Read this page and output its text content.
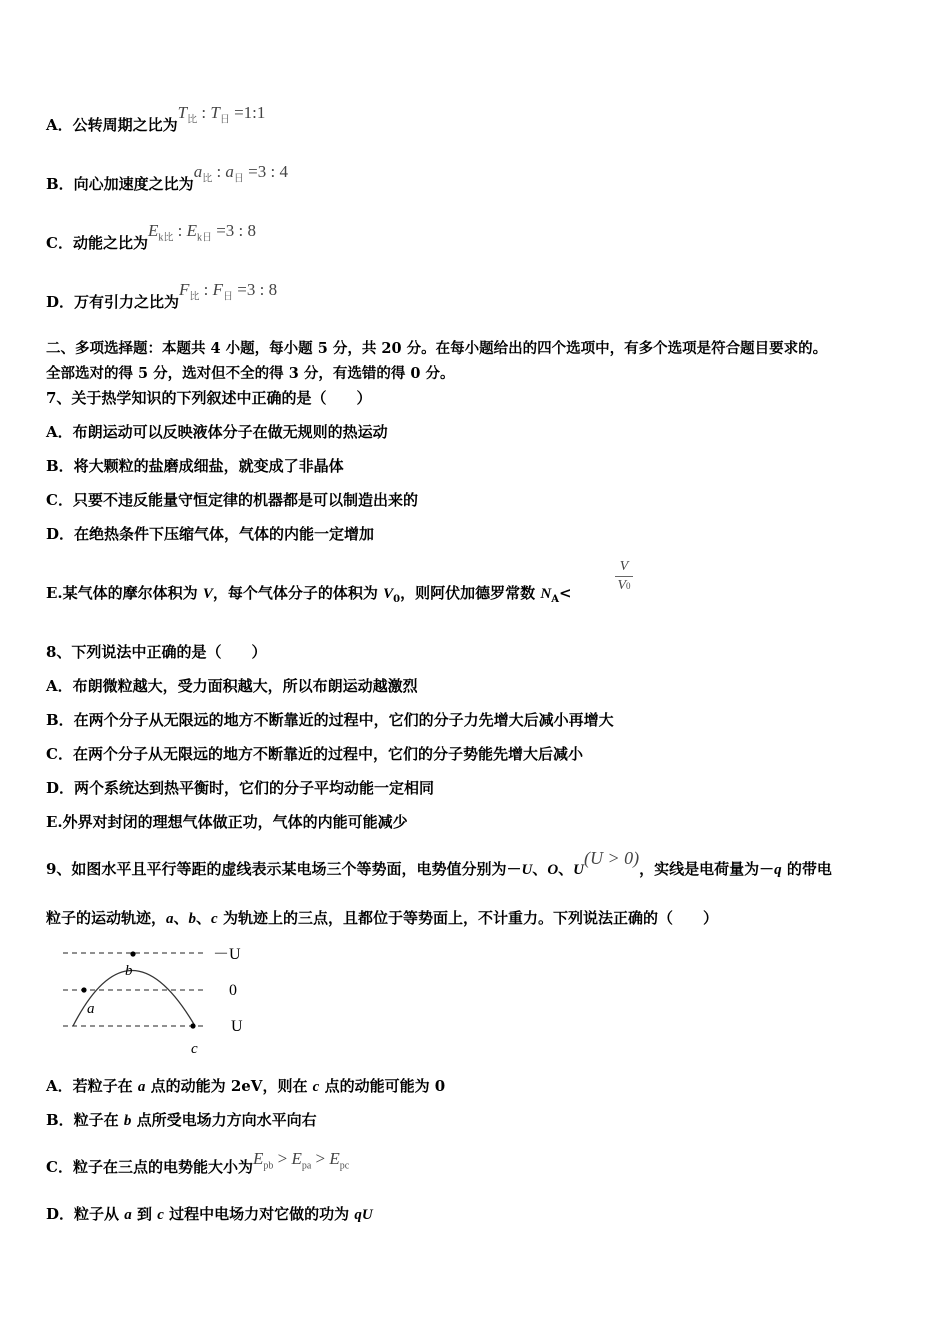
A．公转周期之比为$T_比$ : $T_日$ =1:1
B．向心加速度之比为$a_比$ : $a_日 =3$ : 4
C．动能之比为$E_{k比}$ : $E_{k日} =3$ : 8
D．万有引力之比为$F_比$ : $F_日 =3$ : 8
二、多项选择题：本题共 4 小题，每小题 5 分，共 20 分。在每小题给出的四个选项中，有多个选项是符合题目要求的。
全部选对的得 5 分，选对但不全的得 3 分，有选错的得 0 分。
7、关于热学知识的下列叙述中正确的是（　　）
A．布朗运动可以反映液体分子在做无规则的热运动
B．将大颗粒的盐磨成细盐，就变成了非晶体
C．只要不违反能量守恒定律的机器都是可以制造出来的
D．在绝热条件下压缩气体，气体的内能一定增加
E.某气体的摩尔体积为 V，每个气体分子的体积为 $V_0$，则阿伏加德罗常数 $N_A<$
V
V0
8、下列说法中正确的是（　　）
A．布朗微粒越大，受力面积越大，所以布朗运动越激烈
B．在两个分子从无限远的地方不断靠近的过程中，它们的分子力先增大后减小再增大
C．在两个分子从无限远的地方不断靠近的过程中，它们的分子势能先增大后减小
D．两个系统达到热平衡时，它们的分子平均动能一定相同
E.外界对封闭的理想气体做正功，气体的内能可能减少
9、如图水平且平行等距的虚线表示某电场三个等势面，电势值分别为－U、O、U(U > 0)，实线是电荷量为－q 的带电
粒子的运动轨迹，a、b、c 为轨迹上的三点，且都位于等势面上，不计重力。下列说法正确的（　　）
b
a
c
－U
0
U
A．若粒子在 a 点的动能为 2eV，则在 c 点的动能可能为 0
B．粒子在 b 点所受电场力方向水平向右
C．粒子在三点的电势能大小为$E_{pb} > E_{pa} > E_{pc}$
D．粒子从 a 到 c 过程中电场力对它做的功为 qU
